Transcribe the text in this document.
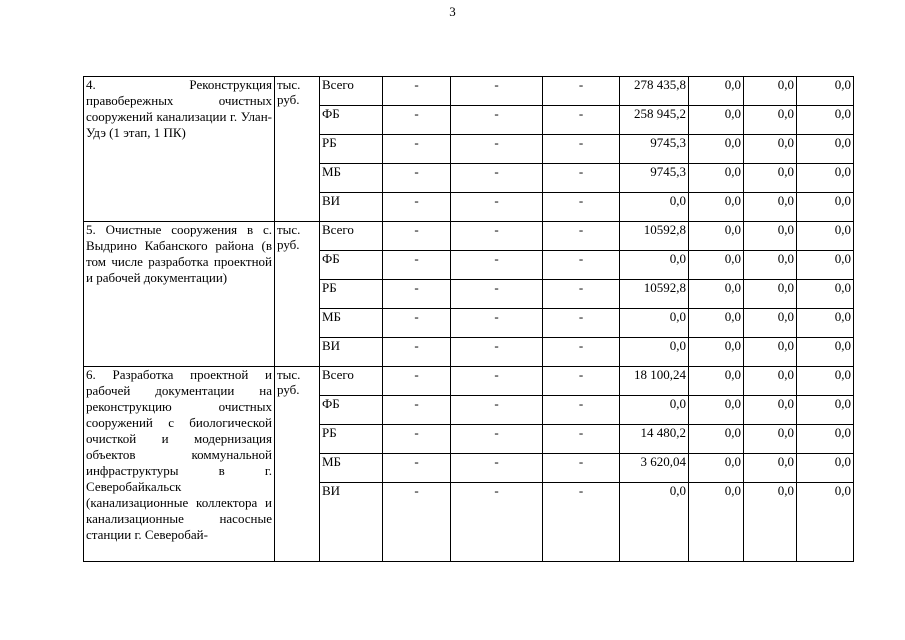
3
4. Реконструкция правобережных очистных сооружений канализации г. Улан-Удэ (1 этап, 1 ПК)	тыс. руб.	Всего	-	-	-	278 435,8	0,0	0,0	0,0
		ФБ	-	-	-	258 945,2	0,0	0,0	0,0
		РБ	-	-	-	9745,3	0,0	0,0	0,0
		МБ	-	-	-	9745,3	0,0	0,0	0,0
		ВИ	-	-	-	0,0	0,0	0,0	0,0
5. Очистные сооружения в с. Выдрино Кабанского района (в том числе разработка проектной и рабочей документации)	тыс. руб.	Всего	-	-	-	10592,8	0,0	0,0	0,0
		ФБ	-	-	-	0,0	0,0	0,0	0,0
		РБ	-	-	-	10592,8	0,0	0,0	0,0
		МБ	-	-	-	0,0	0,0	0,0	0,0
		ВИ	-	-	-	0,0	0,0	0,0	0,0
6. Разработка проектной и рабочей документации на реконструкцию очистных сооружений с биологической очисткой и модернизация объектов коммунальной инфраструктуры в г. Северобайкальск (канализационные коллектора и канализационные насосные станции г. Северобай-	тыс. руб.	Всего	-	-	-	18 100,24	0,0	0,0	0,0
		ФБ	-	-	-	0,0	0,0	0,0	0,0
		РБ	-	-	-	14 480,2	0,0	0,0	0,0
		МБ	-	-	-	3 620,04	0,0	0,0	0,0
		ВИ	-	-	-	0,0	0,0	0,0	0,0
